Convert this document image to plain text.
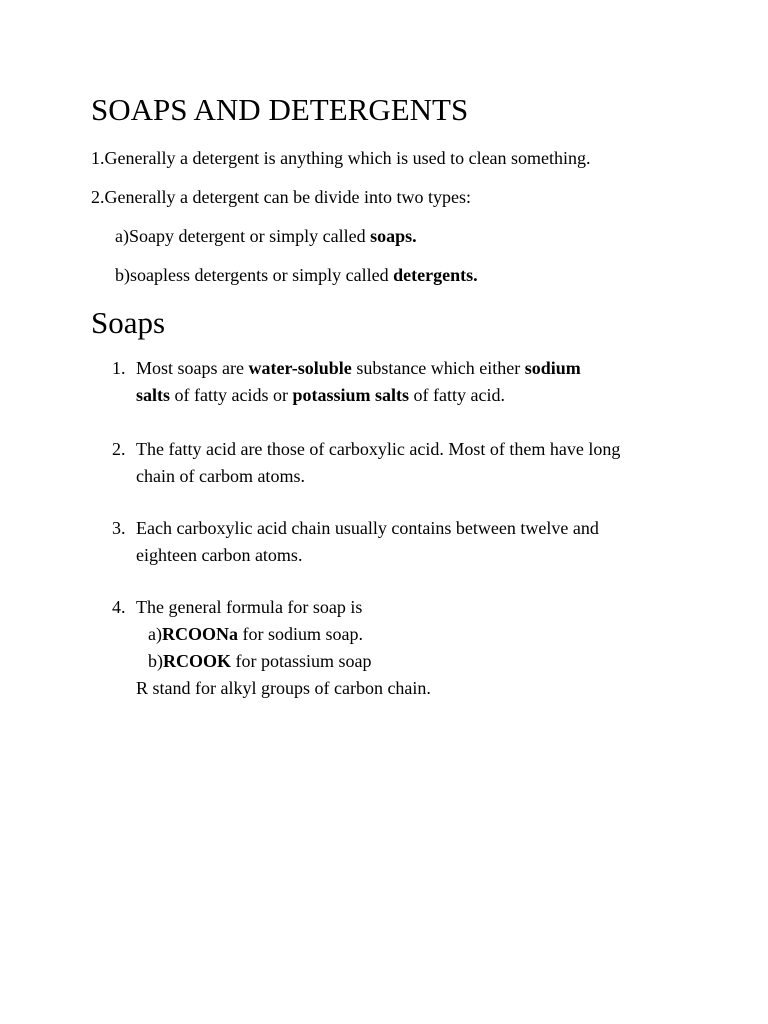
SOAPS AND DETERGENTS

1.Generally a detergent is anything which is used to clean something.

2.Generally a detergent can be divide into two types:

a)Soapy detergent or simply called soaps.

b)soapless detergents or simply called detergents.

Soaps
1. Most soaps are water-soluble substance which either sodium
salts of fatty acids or potassium salts of fatty acid.
2. The fatty acid are those of carboxylic acid. Most of them have long
chain of carbom atoms.
3. Each carboxylic acid chain usually contains between twelve and
eighteen carbon atoms.
4. The general formula for soap is
a)RCOONa for sodium soap.
b)RCOOK for potassium soap
R stand for alkyl groups of carbon chain.
